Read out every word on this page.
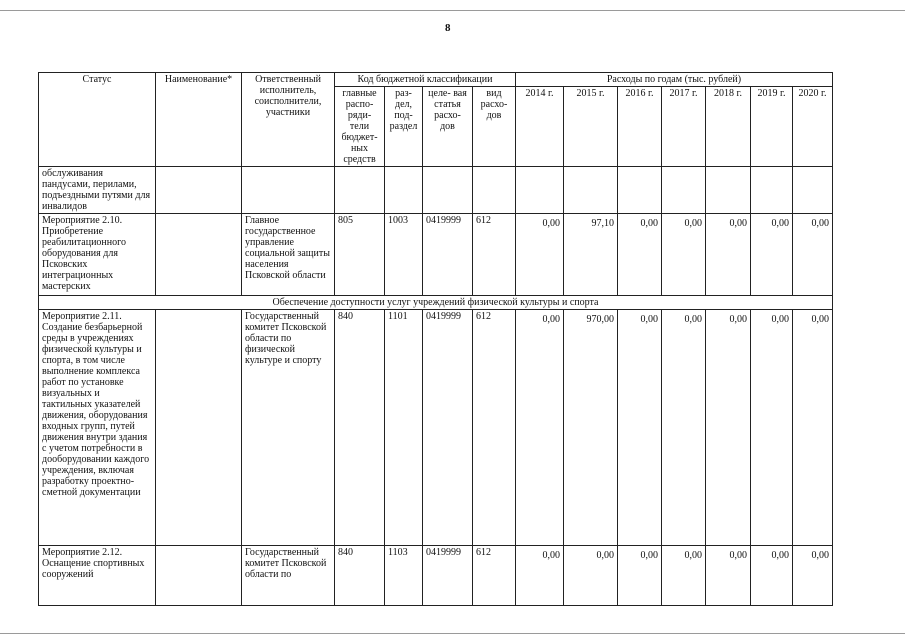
8
Статус	Наименование*	Ответственный исполнитель, соисполнители, участники	Код бюджетной классификации				Расходы по годам (тыс. рублей)						
			главные распо- ряди- тели бюджет- ных средств	раз- дел, под- раздел	целе- вая статья расхо- дов	вид расхо- дов	2014 г.	2015 г.	2016 г.	2017 г.	2018 г.	2019 г.	2020 г.
обслуживания пандусами, перилами, подъездными путями для инвалидов													
Мероприятие 2.10. Приобретение реабилитационного оборудования для Псковских интеграционных мастерских		Главное государственное управление социальной защиты населения Псковской области	805	1003	0419999	612	0,00	97,10	0,00	0,00	0,00	0,00	0,00
Обеспечение доступности услуг учреждений физической культуры и спорта													
Мероприятие 2.11. Создание безбарьерной среды в учреждениях физической культуры и спорта, в том числе выполнение комплекса работ по установке визуальных и тактильных указателей движения, оборудования входных групп, путей движения внутри здания с учетом потребности в дооборудовании каждого учреждения, включая разработку проектно-сметной документации		Государственный комитет Псковской области по физической культуре и спорту	840	1101	0419999	612	0,00	970,00	0,00	0,00	0,00	0,00	0,00
Мероприятие 2.12. Оснащение спортивных сооружений		Государственный комитет Псковской области по	840	1103	0419999	612	0,00	0,00	0,00	0,00	0,00	0,00	0,00
